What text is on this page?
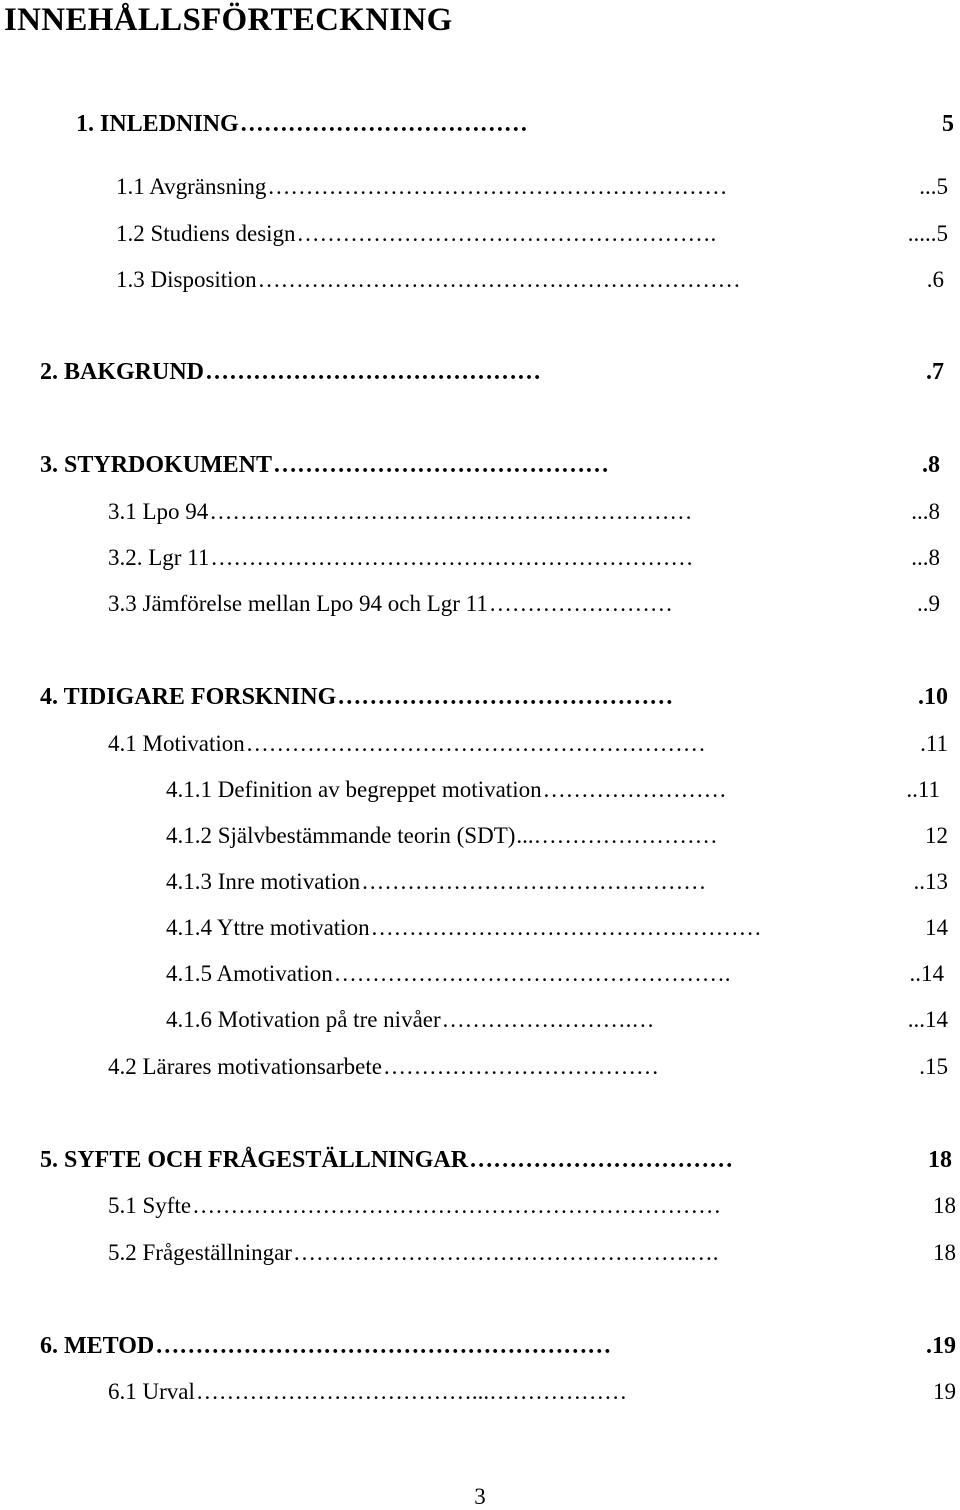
INNEHÅLLSFÖRTECKNING
1. INLEDNING ………………………………	5
1.1 Avgränsning ……………………………………………………	...5
1.2 Studiens design ……………………………………………….	.....5
1.3 Disposition ………………………………………………………	.6
2. BAKGRUND ……………………………………	.7
3. STYRDOKUMENT ……………………………………	.8
3.1 Lpo 94 ………………………………………………………	...8
3.2. Lgr 11 ………………………………………………………	...8
3.3 Jämförelse mellan Lpo 94 och Lgr 11 ……………………	..9
4. TIDIGARE FORSKNING ……………………………………	.10
4.1 Motivation ……………………………………………………	.11
4.1.1 Definition av begreppet motivation ……………………	..11
4.1.2 Självbestämmande teorin (SDT) ...……………………	12
4.1.3 Inre motivation ………………………………………	..13
4.1.4 Yttre motivation ……………………………………………	14
4.1.5 Amotivation …………………………………………….	..14
4.1.6 Motivation på tre nivåer …………………….…	...14
4.2 Lärares motivationsarbete ………………………………	.15
5. SYFTE OCH FRÅGESTÄLLNINGAR ……………………………	18
5.1 Syfte ……………………………………………………………	18
5.2 Frågeställningar …………………………………………….….	18
6. METOD …………………………………………………	.19
6.1 Urval ………………………………...………………	19
3
